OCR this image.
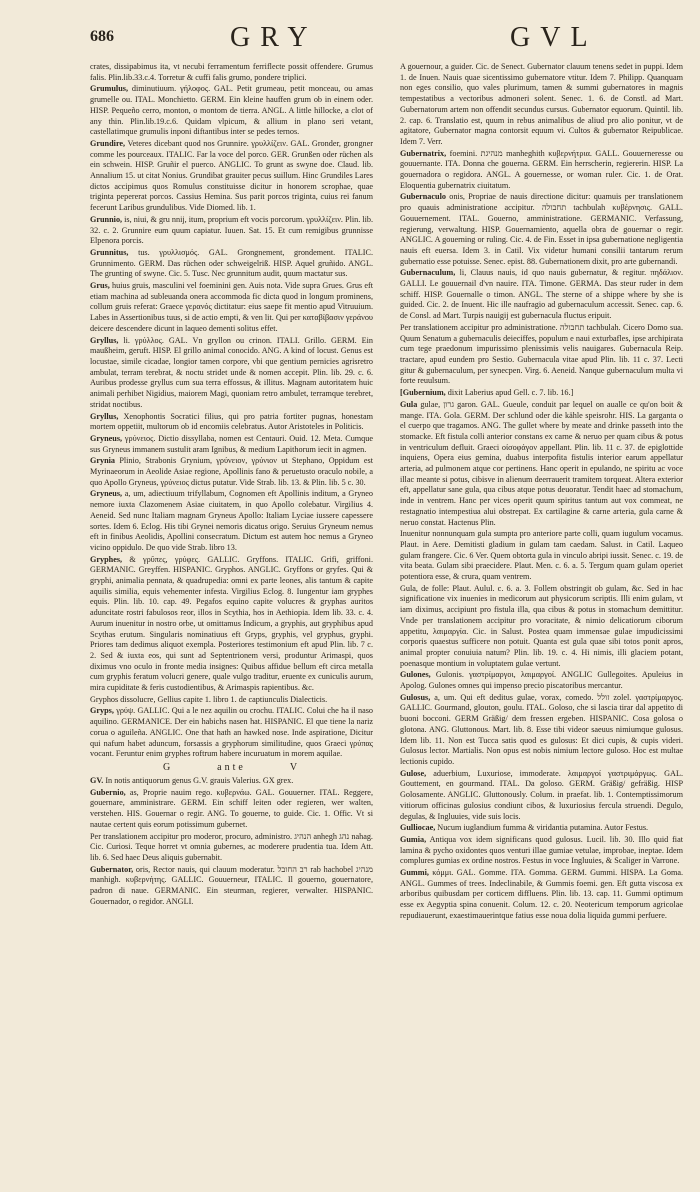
686	GRY	GVL

crates, dissipabimus ita, vt necubi ferramentum ferriflecte possit offendere. Grumus falis. Plin.lib.33.c.4. Torretur & cuffi falis grumo, pondere triplici.

Grumulus, diminutiuum. γήλοφος. GAL. Petit grumeau, petit monceau, ou amas grumelle ou. ITAL. Monchietto. GERM. Ein kleine hauffen grum ob in einem oder. HISP. Pequeño cerro, monton, o montom de tierra. ANGL. A little hillocke, a clot of any thin. Plin.lib.19.c.6. Quidam vlpicum, & allium in plano seri vetant, castellatimque grumulis inponi diftantibus inter se pedes ternos.

Grundire, Veteres dicebant quod nos Grunnire. γρυλλίζειν. GAL. Gronder, grongner comme les pourceaux. ITALIC. Far la voce del porco. GER. Grunßen oder rüchen als ein schwein. HISP. Gruñir el puerco. ANGLIC. To grunt as swyne doe. Claud. lib. Annalium 15. ut citat Nonius. Grundibat grauiter pecus suillum. Hinc Grundiles Lares dictos accipimus quos Romulus constituisse dicitur in honorem scrophae, quae triginta pepererat porcos. Cassius Hemina. Sus parit porcos triginta, cuius rei fanum fecerunt Laribus grundulibus. Vide Diomed. lib. 1.

Grunnio, is, niui, & gru nnij, itum, proprium eft vocis porcorum. γρυλλίζειν. Plin. lib. 32. c. 2. Grunnire eum quum capiatur. Iuuen. Sat. 15. Et cum remigibus grunnisse Elpenora porcis.

Grunnitus, tus. γρυλλισμός. GAL. Grongnement, grondement. ITALIC. Grunnimento. GERM. Das rüchen oder schweigelriß. HISP. Aquel gruñido. ANGL. The grunting of swyne. Cic. 5. Tusc. Nec grunnitum audit, quum mactatur sus.

Grus, huius gruis, masculini vel foeminini gen. Auis nota. Vide supra Grues. Grus eft etiam machina ad subleuanda onera accommoda fic dicta quod in longum prominens, collum gruis referat: Graece γερανός dictitatur: eius saepe fit mentio apud Vitruuium. Labes in Assertionibus tuus, si de actio empti, & ven lit. Qui per καταβίβασιν γεράνου deicere descendere dicunt in laqueo dementi solitus effet.

Gryllus, li. γρύλλος. GAL. Vn gryllon ou crinon. ITALI. Grillo. GERM. Ein maußheim, geruft. HISP. El grillo animal conocido. ANG. A kind of locust. Genus est locustae, simile cicadae, longior tamen corpore, vbi que gentium pernicies agrisretro ambulat, terram terebrat, & noctu stridet unde & nomen accepit. Plin. lib. 29. c. 6. Auribus prodesse gryllus cum sua terra effossus, & illitus. Magnam autoritatem huic animali perhibet Nigidius, maiorem Magi, quoniam retro ambulet, terramque terebret, stridat noctibus.

Gryllus, Xenophontis Socratici filius, qui pro patria fortiter pugnas, honestam mortem oppetiit, multorum ob id encomiis celebratus. Autor Aristoteles in Politicis.

Gryneus, γρύνειος. Dictio dissyllaba, nomen est Centauri. Ouid. 12. Meta. Cumque sus Gryneus immanem sustulit aram Ignibus, & medium Lapithorum iecit in agmen.

Grynia Plinio, Strabonis Grynium, γρύνειον, γρύνιον ut Stephano, Oppidum est Myrinaeorum in Aeolide Asiae regione, Apollinis fano & peruetusto oraculo nobile, a quo Apollo Gryneus, γρύνειος dictus putatur. Vide Strab. lib. 13. & Plin. lib. 5 c. 30.

Gryneus, a, um, adiectiuum trifyllabum, Cognomen eft Apollinis inditum, a Gryneo nemore iuxta Clazomenem Asiae ciuitatem, in quo Apollo colebatur. Virgilius 4. Aeneid. Sed nunc Italiam magnam Gryneus Apollo: Italiam Lyciae iussere capessere sortes. Idem 6. Eclog. His tibi Grynei nemoris dicatus origo. Seruius Gryneum nemus eft in finibus Aeolidis, Apollini consecratum. Dictum est autem hoc nemus a Gryneo vicino oppidulo. De quo vide Strab. libro 13.

Gryphes, & γρῦπες, γρύφες. GALLIC. Gryffons. ITALIC. Grifi, griffoni. GERMANIC. Greyffen. HISPANIC. Gryphos. ANGLIC. Gryffons or gryfes. Qui & gryphi, animalia pennata, & quadrupedia: omni ex parte leones, alis tantum & capite aquilis similia, equis vehementer infesta. Virgilius Eclog. 8. Iungentur iam gryphes equis. Plin. lib. 10. cap. 49. Pegafos equino capite volucres & gryphas auritos aduncitate rostri fabulosos reor, illos in Scythia, hos in Aethiopia. Idem lib. 33. c. 4. Aurum inuenitur in nostro orbe, ut omittamus Indicum, a gryphis, aut gryphibus apud Scythas erutum. Singularis nominatiuus eft Gryps, gryphis, vel gryphus, gryphi. Priores tam dedimus aliquot exempla. Posteriores testimonium eft apud Plin. lib. 7 c. 2. Sed & iuxta eos, qui sunt ad Septentrionem versi, produntur Arimaspi, quos diximus vno oculo in fronte media insignes: Quibus affidue bellum eft circa metalla cum gryphis feratum volucri genere, quale vulgo traditur, eruente ex cuniculis aurum, mira cupiditate & feris custodientibus, & Arimaspis rapientibus. &c.

Gryphos dissolucre, Gellius capite 1. libro 1. de captiunculis Dialecticis.

Gryps, γρύψ. GALLIC. Qui a le nez aquilin ou crochu. ITALIC. Colui che ha il naso aquilino. GERMANICE. Der ein habichs nasen hat. HISPANIC. El que tiene la nariz corua o aguileña. ANGLIC. One that hath an hawked nose. Inde aspiratione, Dicitur qui nafum habet aduncum, forsassis a gryphorum similitudine, quos Graeci γρύπας vocant. Feruntur enim gryphes roftrum habere incuruatum in morem aquilae.

G	ante	V

GV. In notis antiquorum genus G.V. grauis Valerius. GX grex.

Gubernio, as, Proprie nauim rego. κυβερνάω. GAL. Gouuerner. ITAL. Reggere, gouernare, amministrare. GERM. Ein schiff leiten oder regieren, wer walten, verstehen. HIS. Gouernar o regir. ANG. To gouerne, to guide. Cic. 1. Offic. Vt si nautae certent quis eorum potissimum gubernet.

Per translationem accipitur pro moderor, procuro, administro. הנהיג anhegh נהג nahag. Cic. Curiosi. Teque horret vt omnia gubernes, ac moderere prudentia tua. Idem Att. lib. 6. Sed haec Deus aliquis gubernabit.

Gubernator, oris, Rector nauis, qui clauum moderatur. רב החובל rab hachobel מנהיג manhigh. κυβερνήτης. GALLIC. Gouuerneur, ITALIC. Il gouerno, gouernatore, padron di naue. GERMANIC. Ein steurman, regierer, verwalter. HISPANIC. Gouernador, o regidor. ANGLI.

A gouernour, a guider. Cic. de Senect. Gubernator clauum tenens sedet in puppi. Idem 1. de Inuen. Nauis quae sicentissimo gubernatore vtitur. Idem 7. Philipp. Quanquam non eges consilio, quo vales plurimum, tamen & summi gubernatores in magnis tempestatibus a vectoribus admoneri solent. Senec. 1. 6. de Constl. ad Mart. Gubernatorum artem non offendit secundus cursus. Gubernator equorum. Quintil. lib. 2. cap. 6. Translatio est, quum in rebus animalibus de aliud pro alio ponitur, vt de agitatore, Gubernator magna contorsit equum vi. Cultos & gubernator Reipublicae. Idem 7. Verr.

Gubernatrix, foemini. מנהיגת manheghith κυβερνήτρια. GALL. Gouuerneresse ou gouuernante. ITA. Donna che gouerna. GERM. Ein herrscherin, regiererin. HISP. La gouernadora o regidora. ANGL. A gouernesse, or woman ruler. Cic. 1. de Orat. Eloquentia gubernatrix ciuitatum.

Gubernaculo onis, Propriae de nauis directione dicitur: quamuis per translationem pro quauis administratione accipitur. תחבולה tachbulah κυβέρνησις. GALL. Gouuernement. ITAL. Gouerno, amministratione. GERMANIC. Verfassung, regierung, verwaltung. HISP. Gouernamiento, aquella obra de gouernar o regir. ANGLIC. A gouerning or ruling. Cic. 4. de Fin. Esset in ipsa gubernatione negligentia nauis eft euersa. Idem 3. in Catil. Vix videtur humani consilii tantarum rerum gubernatio esse potuisse. Senec. epist. 88. Gubernationem dixit, pro arte gubernandi.

Gubernaculum, li, Clauus nauis, id quo nauis gubernatur, & regitur. πηδάλιον. GALLI. Le gouuernail d'vn nauire. ITA. Timone. GERMA. Das steur ruder in dem schiff. HISP. Gouernalle o timon. ANGL. The sterne of a shippe where by she is guided. Cic. 2. de Inuent. Hic ille naufragio ad gubernaculum accessit. Senec. cap. 6. de Consl. ad Mart. Turpis nauigij est gubernacula fluctus eripuit.

Per translationem accipitur pro administratione. תחבולה tachbulah. Cicero Domo sua. Quum Senatum a gubernaculis deieciffes, populum e naui exturbafles, ipse archipirata cum tege praedonum impurissimo plenissimis velis nauigares. Gubernacula Reip. tractare, apud eundem pro Sestio. Gubernacula vitae apud Plin. lib. 11 c. 37. Lecti gitur & gubernaculum, per synecpen. Virg. 6. Aeneid. Nanque gubernaculum multa vi forte reuulsum.

[Gubernium, dixit Laberius apud Gell. c. 7. lib. 16.]

Gula gulae, גרון garon. GAL. Gueule, conduit par lequel on aualle ce qu'on boit & mange. ITA. Gola. GERM. Der schlund oder die kähle speisrohr. HIS. La garganta o el cuerpo que tragamos. ANG. The gullet where by meate and drinke passeth into the stomacke. Eft fistula colli anterior constans ex carne & neruo per quam cibus & potus in ventriculum defluit. Graeci οἰσοφάγον appellant. Plin. lib. 11 c. 37. de epiglottide inquiens, Opera eius gemina, duabus interpofita fistulis interior earum appellatur arteria, ad pulmonem atque cor pertinens. Hanc operit in epulando, ne spiritu ac voce illac meante si potus, cibisve in alienum deerrauerit tramitem torqueat. Altera exterior eft, appellatur sane gula, qua cibus atque potus deuoratur. Tendit haec ad stomachum, inde in ventrem. Hanc per vices operit quum spiritus tantum aut vox commeat, ne restagnatio intempestiua alui obstrepat. Ex cartilagine & carne arteria, gula carne & neruo constat. Hactenus Plin.

Inuenitur nonnunquam gula sumpta pro anteriore parte colli, quam iugulum vocamus. Plaut. in Aere. Demitisti gladium in gulam tam caedam. Salust. in Catil. Laqueo gulam frangere. Cic. 6 Ver. Quem obtorta gula in vinculo abripi iussit. Senec. c. 19. de vita beata. Gulam sibi praecidere. Plaut. Men. c. 6. a. 5. Tergum quam gulam operiet potentiora esse, & crura, quam ventrem.

Gula, de folle: Plaut. Aulul. c. 6. a. 3. Follem obstringit ob gulam, &c. Sed in hac significatione vix inuenies in medicorum aut physicorum scriptis. Illi enim gulam, vt iam diximus, accipiunt pro fistula illa, qua cibus & potus in stomachum demittitur. Vnde per translationem accipitur pro voracitate, & nimio delicatiorum ciborum appetitu, λαιμαργία. Cic. in Salust. Postea quam immensae gulae impudicissimi corporis quaestus sufficere non potuit. Quanta est gula quae sibi totos ponit apros, animal propter conuiuia natum? Plin. lib. 19. c. 4. Hi nimis, illi glaciem potant, poenasque montium in voluptatem gulae vertunt.

Gulones, Gulonis. γαστρίμαργοι, λαιμαργοί. ANGLIC Gullegoites. Apuleius in Apolog. Gulones omnes qui impenso precio piscatoribus mercantur.

Gulosus, a, um. Qui eft deditus gulae, vorax, comedo. זולל zolel. γαστρίμαργος. GALLIC. Gourmand, glouton, goulu. ITAL. Goloso, che si lascia tirar dal appetito di buoni bocconi. GERM Gräßig/ dem fressen ergeben. HISPANIC. Cosa golosa o glotona. ANG. Gluttonous. Mart. lib. 8. Esse tibi videor saeuus nimiumque gulosus. Idem lib. 11. Non est Tucca satis quod es gulosus: Et dici cupis, & cupis videri. Gulosus lector. Martialis. Non opus est nobis nimium lectore guloso. Hoc est multae lectionis cupido.

Gulose, aduerbium, Luxuriose, immoderate. λαιμαργοί γαστριμάργως. GAL. Gouttement, en gourmand. ITAL. Da goloso. GERM. Gräßig/ gefräßig. HISP Golosamente. ANGLIC. Gluttonously. Colum. in praefat. lib. 1. Contemptissimorum vitiorum officinas gulosius condiunt cibos, & luxuriosius fercula struendi. Degulo, degulas, & Ingluuies, vide suis locis.

Gulliocae, Nucum iuglandium fumma & viridantia putamina. Autor Festus.

Gumia, Antiqua vox idem significans quod gulosus. Lucil. lib. 30. Illo quid fiat lamina & pycho oxidontes quos venturi illae gumiae vetulae, improbae, ineptae. Idem complures gumias ex ordine nostros. Festus in voce Ingluuies, & Scaliger in Varrone.

Gummi, κόμμι. GAL. Gomme. ITA. Gomma. GERM. Gummi. HISPA. La Goma. ANGL. Gummes of trees. Indeclinabile, & Gummis foemi. gen. Eft gutta viscosa ex arboribus quibusdam per corticem diffluens. Plin. lib. 13. cap. 11. Gummi optimum esse ex Aegyptia spina conuenit. Colum. 12. c. 20. Neotericum temporum agricolae repudiauerunt, exaestimauerintque fatius esse noua dolia liquida gummi perfuere.
